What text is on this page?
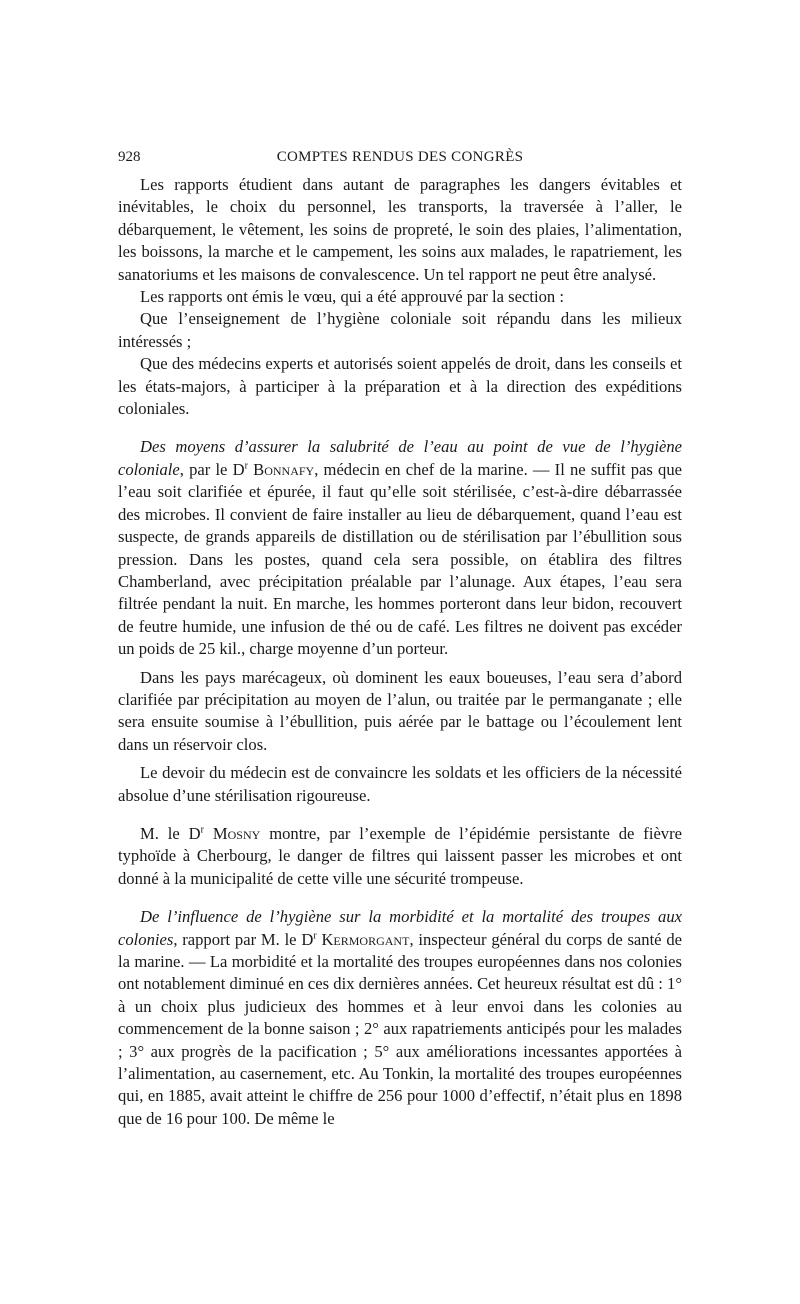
928	COMPTES RENDUS DES CONGRÈS

Les rapports étudient dans autant de paragraphes les dangers évitables et inévitables, le choix du personnel, les transports, la traversée à l’aller, le débarquement, le vêtement, les soins de propreté, le soin des plaies, l’alimentation, les boissons, la marche et le campement, les soins aux malades, le rapatriement, les sanatoriums et les maisons de convalescence. Un tel rapport ne peut être analysé.

Les rapports ont émis le vœu, qui a été approuvé par la section :

Que l’enseignement de l’hygiène coloniale soit répandu dans les milieux intéressés ;

Que des médecins experts et autorisés soient appelés de droit, dans les conseils et les états-majors, à participer à la préparation et à la direction des expéditions coloniales.

Des moyens d’assurer la salubrité de l’eau au point de vue de l’hygiène coloniale, par le $D^r$ Bonnafy, médecin en chef de la marine. — Il ne suffit pas que l’eau soit clarifiée et épurée, il faut qu’elle soit stérilisée, c’est-à-dire débarrassée des microbes. Il convient de faire installer au lieu de débarquement, quand l’eau est suspecte, de grands appareils de distillation ou de stérilisation par l’ébullition sous pression. Dans les postes, quand cela sera possible, on établira des filtres Chamberland, avec précipitation préalable par l’alunage. Aux étapes, l’eau sera filtrée pendant la nuit. En marche, les hommes porteront dans leur bidon, recouvert de feutre humide, une infusion de thé ou de café. Les filtres ne doivent pas excéder un poids de 25 kil., charge moyenne d’un porteur.

Dans les pays marécageux, où dominent les eaux boueuses, l’eau sera d’abord clarifiée par précipitation au moyen de l’alun, ou traitée par le permanganate ; elle sera ensuite soumise à l’ébullition, puis aérée par le battage ou l’écoulement lent dans un réservoir clos.

Le devoir du médecin est de convaincre les soldats et les officiers de la nécessité absolue d’une stérilisation rigoureuse.

M. le $D^r$ Mosny montre, par l’exemple de l’épidémie persistante de fièvre typhoïde à Cherbourg, le danger de filtres qui laissent passer les microbes et ont donné à la municipalité de cette ville une sécurité trompeuse.

De l’influence de l’hygiène sur la morbidité et la mortalité des troupes aux colonies, rapport par M. le $D^r$ Kermorgant, inspecteur général du corps de santé de la marine. — La morbidité et la mortalité des troupes européennes dans nos colonies ont notablement diminué en ces dix dernières années. Cet heureux résultat est dû : 1° à un choix plus judicieux des hommes et à leur envoi dans les colonies au commencement de la bonne saison ; 2° aux rapatriements anticipés pour les malades ; 3° aux progrès de la pacification ; 5° aux améliorations incessantes apportées à l’alimentation, au casernement, etc. Au Tonkin, la mortalité des troupes européennes qui, en 1885, avait atteint le chiffre de 256 pour 1000 d’effectif, n’était plus en 1898 que de 16 pour 100. De même le
